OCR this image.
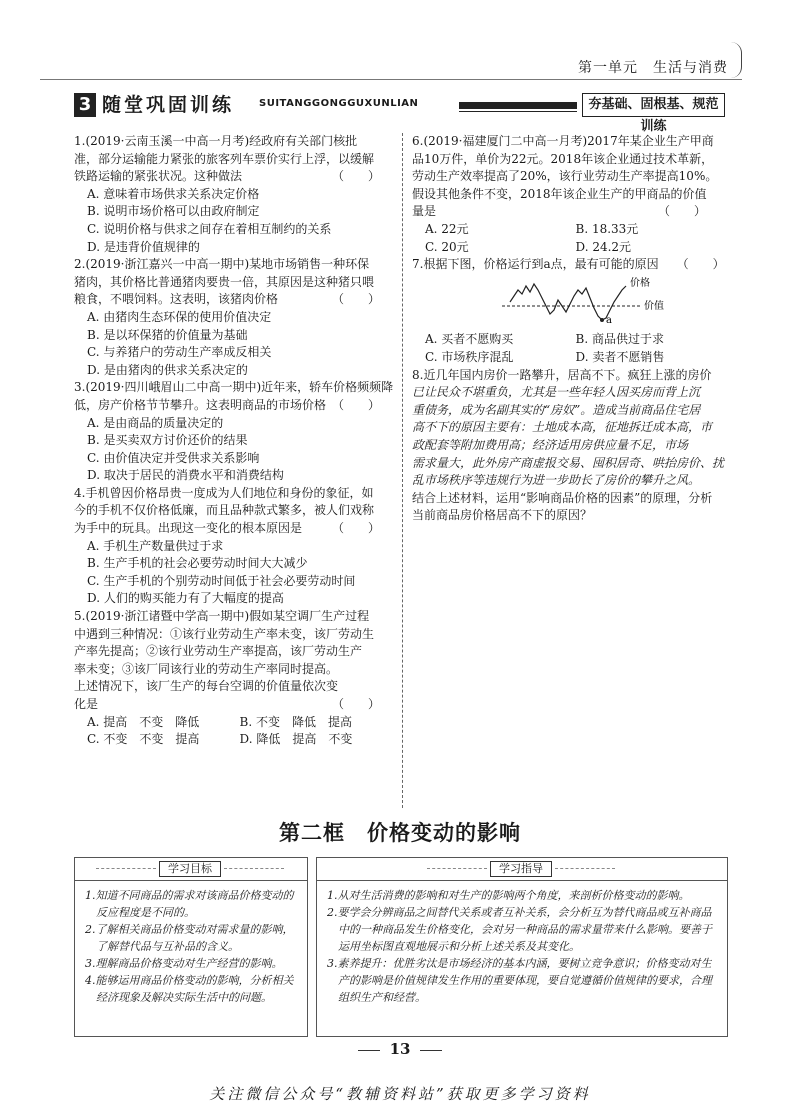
第一单元　生活与消费
3 随堂巩固训练 SUITANGGONGGUXUNLIAN	夯基础、固根基、规范训练
1.(2019·云南玉溪一中高一月考)经政府有关部门核批
准，部分运输能力紧张的旅客列车票价实行上浮，以缓解
铁路运输的紧张状况。这种做法　　　　　　　　（　　）
A. 意味着市场供求关系决定价格
B. 说明市场价格可以由政府制定
C. 说明价格与供求之间存在着相互制约的关系
D. 是违背价值规律的
2.(2019·浙江嘉兴一中高一期中)某地市场销售一种环保
猪肉，其价格比普通猪肉要贵一倍，其原因是这种猪只喂
粮食，不喂饲料。这表明，该猪肉价格　　　　　（　　）
A. 由猪肉生态环保的使用价值决定
B. 是以环保猪的价值量为基础
C. 与养猪户的劳动生产率成反相关
D. 是由猪肉的供求关系决定的
3.(2019·四川峨眉山二中高一期中)近年来，轿车价格频频降
低，房产价格节节攀升。这表明商品的市场价格　（　　）
A. 是由商品的质量决定的
B. 是买卖双方讨价还价的结果
C. 由价值决定并受供求关系影响
D. 取决于居民的消费水平和消费结构
4.手机曾因价格昂贵一度成为人们地位和身份的象征，如
今的手机不仅价格低廉，而且品种款式繁多，被人们戏称
为手中的玩具。出现这一变化的根本原因是　　　（　　）
A. 手机生产数量供过于求
B. 生产手机的社会必要劳动时间大大减少
C. 生产手机的个别劳动时间低于社会必要劳动时间
D. 人们的购买能力有了大幅度的提高
5.(2019·浙江诸暨中学高一期中)假如某空调厂生产过程
中遇到三种情况：①该行业劳动生产率未变，该厂劳动生
产率先提高；②该行业劳动生产率提高，该厂劳动生产
率未变；③该厂同该行业的劳动生产率同时提高。
上述情况下，该厂生产的每台空调的价值量依次变
化是　　　　　　　　　　　　　　　　　　　　（　　）
A. 提高　不变　降低	B. 不变　降低　提高
C. 不变　不变　提高	D. 降低　提高　不变
6.(2019·福建厦门二中高一月考)2017年某企业生产甲商
品10万件，单价为22元。2018年该企业通过技术革新，
劳动生产效率提高了20%，该行业劳动生产率提高10%。
假设其他条件不变，2018年该企业生产的甲商品的价值
量是　　　　　　　　　　　　　　　　　　　（　　）
A. 22元	B. 18.33元
C. 20元	D. 24.2元
7.根据下图，价格运行到a点，最有可能的原因　　（　　）
a
价格
价值
A. 买者不愿购买	B. 商品供过于求
C. 市场秩序混乱	D. 卖者不愿销售
8.近几年国内房价一路攀升，居高不下。疯狂上涨的房价
已让民众不堪重负，尤其是一些年轻人因买房而背上沉
重债务，成为名副其实的“房奴”。造成当前商品住宅居
高不下的原因主要有：土地成本高，征地拆迁成本高，市
政配套等附加费用高；经济适用房供应量不足，市场
需求量大，此外房产商虚报交易、囤积居奇、哄抬房价、扰
乱市场秩序等违规行为进一步助长了房价的攀升之风。
结合上述材料，运用“影响商品价格的因素”的原理，分析
当前商品房价格居高不下的原因？
第二框　价格变动的影响
学习目标
1.知道不同商品的需求对该商品价格变动的反应程度是不同的。
2.了解相关商品价格变动对需求量的影响，了解替代品与互补品的含义。
3.理解商品价格变动对生产经营的影响。
4.能够运用商品价格变动的影响，分析相关经济现象及解决实际生活中的问题。
学习指导
1.从对生活消费的影响和对生产的影响两个角度，来剖析价格变动的影响。
2.要学会分辨商品之间替代关系或者互补关系，会分析互为替代商品或互补商品中的一种商品发生价格变化，会对另一种商品的需求量带来什么影响。要善于运用坐标图直观地展示和分析上述关系及其变化。
3.素养提升：优胜劣汰是市场经济的基本内涵，要树立竞争意识；价格变动对生产的影响是价值规律发生作用的重要体现，要自觉遵循价值规律的要求，合理组织生产和经营。
13
关注微信公众号“教辅资料站”获取更多学习资料
